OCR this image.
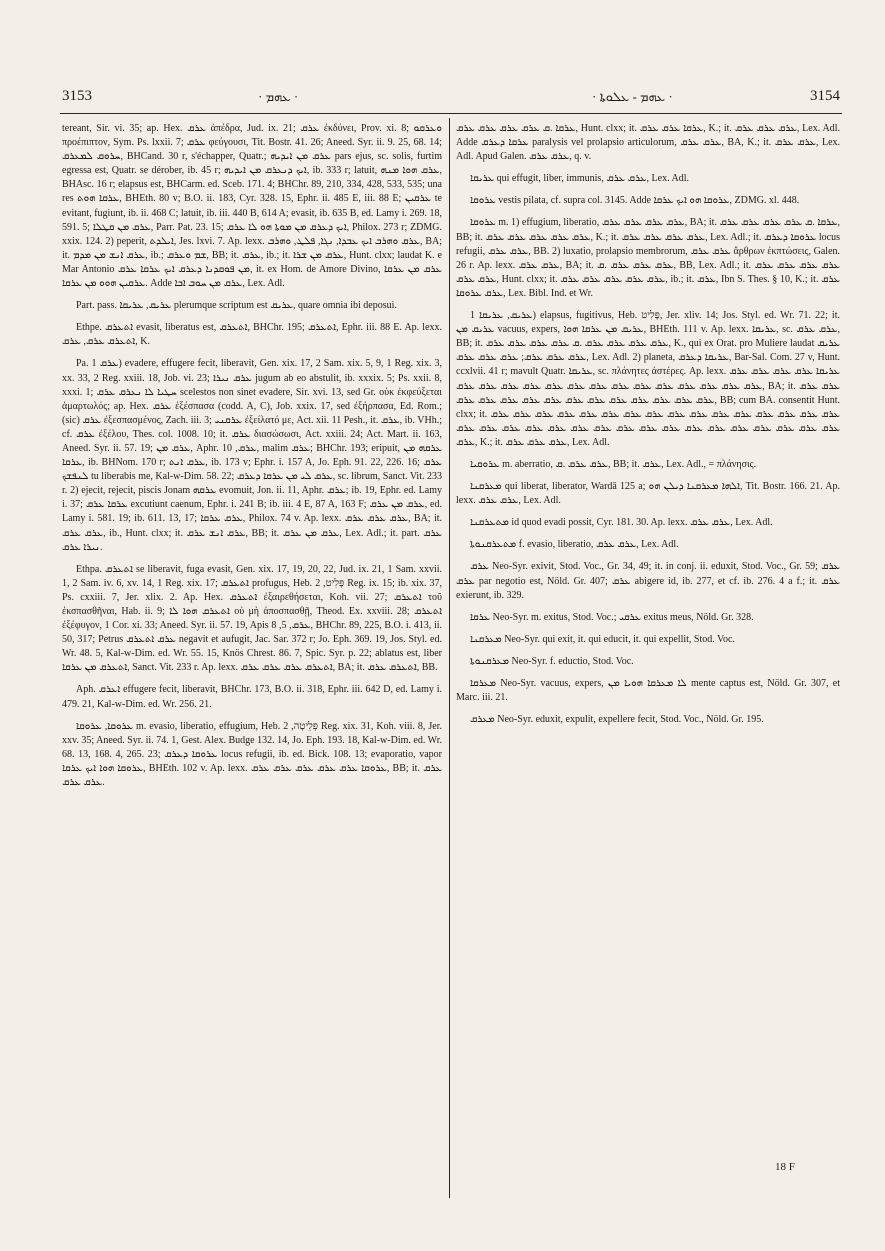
3153	· ܥܗܡ ·	· ܥܗܡ - ܥܠܘܬܐ ·	3154

tereant, Sir. vi. 35; ap. Hex. ܥܪܩ ἀπέδρα, Jud. ix. 21; ܥܪܩ ἐκδύνει, Prov. xi. 8; ܘܥܪܩܘ προέπιπτον, Sym. Ps. lxxii. 7; ܥܪܩ φεύγουσι, Tit. Bostr. 41. 26; Aneed. Syr. ii. 9. 25, 68. 14; ܚܪܘܩ ܠܡܥܪܩ, BHCand. 30 r, s'échapper, Quatr.; ܥܪܩ ܡܢ ܐܝܕܝܗ pars ejus, sc. solis, furtim egressa est, Quatr. se dérober, ib. 45 r; ܐܝܟ ܕܢܥܪܩ ܡܢ ܐܝܕܝܗ, ib. 333 r; latuit, ܥܪܩ ܗܘܐ ܡܢܗ, BHAsc. 16 r; elapsus est, BHCarm. ed. Sceb. 171. 4; BHChr. 89, 210, 334, 428, 533, 535; una res ܥܪܩܐ ܗܘܬ, BHEth. 80 v; B.O. ii. 183, Cyr. 328. 15, Ephr. ii. 485 E, iii. 88 E; ܥܪܩܝܢ te evitant, fugiunt, ib. ii. 468 C; latuit, ib. iii. 440 B, 614 A; evasit, ib. 635 B, ed. Lamy i. 269. 18, 591. 5; ܥܪܩ ܡܢ ܩܛܠܐ, Parr. Pat. 23. 15; ܐܝܟ ܕܥܪܩ ܡܢ ܡܘܬܐ ܗܘ ܠܐ ܥܪܩ, Philox. 273 r; ZDMG. xxix. 124. 2) peperit, ܐܝܠܕܬ, Jes. lxvi. 7. Ap. lexx. ܥܪܩ ܘܗܪܒ ܐܝܟ ܥܒܕܐ, ܢܓܐ, ܦܠܛ, ܘܗܪܒ, BA; it. ܥܪܩ ܐܢܫ ܡܢ ܡܕܡ, ib.; ܫܡ ܘܥܪܩ, BB; it. ܥܪܩ, ib.; it. ܥܪܩ ܡܢ ܫܪܐ, Hunt. clxx; laudat K. e Mar Antonio ܡܢ ܦܘܩܕܢܐ ܕܥܪܩ ܐܝܟ ܥܪܩܐ ܥܪܩ, it. ex Hom. de Amore Divino, ܥܪܩ ܡܢ ܥܪܩܐ ܥܪܩܝܢ ܗܘܘ ܡܢ ܥܪܩܐ. Adde ܥܪܩ ܡܢ ܚܘܒ ܐܒܐ, Lex. Adl.

Part. pass. ܥܪܝܩ, ܥܪܝܩܐ plerumque scriptum est ܥܪܝܩ, quare omnia ibi deposui.

Ethpe. ܐܬܥܪܩ evasit, liberatus est, ܐܬܥܪܩ, BHChr. 195; ܐܬܥܪܩ, Ephr. iii. 88 E. Ap. lexx. ܐܬܥܪܩ ܥܪܩ, ܥܪܩ, K.

Pa. ܥܪܩ 1) evadere, effugere fecit, liberavit, Gen. xix. 17, 2 Sam. xix. 5, 9, 1 Reg. xix. 3, xx. 33, 2 Reg. xxiii. 18, Job. vi. 23; ܥܪܩ ܢܝܪܐ jugum ab eo abstulit, ib. xxxix. 5; Ps. xxii. 8, xxxi. 1; ܚܛܝܐ ܠܐ ܢܥܪܩ ܥܪܩ scelestos non sinet evadere, Sir. xvi. 13, sed Gr. οὐκ ἐκφεύξεται ἁμαρτωλός; ap. Hex. ܥܪܩ ἐξέσπασα (codd. A, C), Job. xxix. 17, sed ἐξήρπασα, Ed. Rom.; (sic) ܥܪܩ ἐξεσπασμένος, Zach. iii. 3; ܥܪܩܢܝ ἐξείλατό με, Act. xii. 11 Pesh., it. ܥܪܩ, ib. VHh.; cf. ܥܪܩ ἐξέλου, Thes. col. 1008. 10; it. ܥܪܩ διασώσωσι, Act. xxiii. 24; Act. Mart. ii. 163, Aneed. Syr. ii. 57. 19; ܥܪܩ ܡܢ, Aphr. ܥܪܩ, 10, malim ܥܪܩ; BHChr. 193; eripuit, ܥܪܩܗ ܡܢ ܥܪܩܐ, ib. BHNom. 170 r; ܥܪܩ ܐܢܬ, ib. 173 v; Ephr. i. 157 A, Jo. Eph. 91. 22, 226. 16; ܥܪܩ ܠܢܦܫܟ tu liberabis me, Kal-w-Dim. 58. 22; ܥܪܩ ܠܝ ܡܢ ܥܪܩܐ ܕܥܪܩ, sc. librum, Sanct. Vit. 233 r. 2) ejecit, rejecit, piscis Jonam ܥܪܩܗ evomuit, Jon. ii. 11, Aphr. ܥܪܩ; ib. 19, Ephr. ed. Lamy i. 37; ܥܪܩܐ ܥܪܩ excutiunt caenum, Ephr. i. 241 B; ib. iii. 4 E, 87 A, 163 F; ܥܪܩ ܡܢ ܥܪܩ, ed. Lamy i. 581. 19; ib. 611. 13, 17; ܥܪܩ ܥܪܩܐ, Philox. 74 v. Ap. lexx. ܥܪܩ ܥܪܩ ܥܪܩ, BA; it. ܥܪܩ ܥܪܩ, ib., Hunt. clxx; it. ܥܪܩ ܐܢܫ ܥܪܩ, BB; it. ܥܪܩ ܡܢ ܥܪܩ, Lex. Adl.; it. part. ܥܪܩ ܢܝܪܐ ܥܪܩ.

Ethpa. ܐܬܥܪܩ se liberavit, fuga evasit, Gen. xix. 17, 19, 20, 22, Jud. ix. 21, 1 Sam. xxvii. 1, 2 Sam. iv. 6, xv. 14, 1 Reg. xix. 17; ܐܬܥܪܩ profugus, Heb. פָּלִיט, 2 Reg. ix. 15; ib. xix. 37, Ps. cxxiii. 7, Jer. xlix. 2. Ap. Hex. ܐܬܥܪܩ ἐξαιρεθήσεται, Koh. vii. 27; ܐܬܥܪܩ τοῦ ἐκσπασθῆναι, Hab. ii. 9; ܐܬܥܪܩ ܗܘܐ ܠܐ οὐ μὴ ἀποσπασθῇ, Theod. Ex. xxviii. 28; ܐܬܥܪܩ ἐξέφυγον, 1 Cor. xi. 33; Aneed. Syr. ii. 57. 19, Apis ܥܪܩ, 5, 8, BHChr. 89, 225, B.O. i. 413, ii. 50, 317; Petrus ܥܪܩ ܐܬܥܪܩ negavit et aufugit, Jac. Sar. 372 r; Jo. Eph. 369. 19, Jos. Styl. ed. Wr. 48. 5, Kal-w-Dim. ed. Wr. 55. 15, Knös Chrest. 86. 7, Spic. Syr. p. 22; ablatus est, liber ܐܬܥܪܩ ܡܢ ܥܪܩܐ, Sanct. Vit. 233 r. Ap. lexx. ܐܬܥܪܩ ܥܪܩ ܥܪܩ ܥܪܩ, BA; it. ܐܬܥܪܩ ܥܪܩ, BB.

Aph. ܐܥܪܩ effugere fecit, liberavit, BHChr. 173, B.O. ii. 318, Ephr. iii. 642 D, ed. Lamy i. 479. 21, Kal-w-Dim. ed. Wr. 256. 21.

ܥܪܘܩܐ, ܥܪܘܩܐ m. evasio, liberatio, effugium, Heb. פְּלֵיטָה, 2 Reg. xix. 31, Koh. viii. 8, Jer. xxv. 35; Aneed. Syr. ii. 74. 1, Gest. Alex. Budge 132. 14, Jo. Eph. 193. 18, Kal-w-Dim. ed. Wr. 68. 13, 168. 4, 265. 23; ܥܪܘܩܐ ܕܥܪܩ locus refugii, ib. ed. Bick. 108. 13; evaporatio, vapor ܥܪܘܩܐ ܗܘܐ ܐܝܟ ܥܪܩܐ, BHEth. 102 v. Ap. lexx. ܥܪܘܩܐ ܥܪܩ ܥܪܩ ܥܪܩ ܥܪܩ ܥܪܩ, BB; it. ܥܪܩ ܥܪܩ ܥܪܩ.

ܥܪܩܐ .ܩ ܥܪܩ ܥܪܩ ܥܪܩ ܥܪܩ, Hunt. clxx; it. ܥܪܩܐ ܥܪܩ ܥܪܩ, K.; it. ܥܪܩ ܥܪܩ ܥܪܩ, Lex. Adl. Adde ܥܪܩܐ ܕܥܪܩ paralysis vel prolapsio articulorum, ܥܪܩ ܥܪܩ, BA, K.; it. ܥܪܩ ܥܪܩ, Lex. Adl. Apud Galen. ܥܪܩ ܥܪܩ, q. v.

ܥܪܝܩܐ qui effugit, liber, immunis, ܥܪܩ ܥܪܩ, Lex. Adl.

ܥܪܘܩܐ vestis pilata, cf. supra col. 3145. Adde ܥܪܘܩܐ ܗܘ ܐܝܟ ܥܪܩܐ, ZDMG. xl. 448.

ܥܪܘܩܐ m. 1) effugium, liberatio, ܥܪܩ ܥܪܩ ܥܪܩ ܥܪܩ, BA; it. ܥܪܩܐ .ܩ ܥܪܩ ܥܪܩ ܥܪܩ ܥܪܩ, BB; it. ܥܪܩ ܥܪܩ ܥܪܩ ܥܪܩ ܥܪܩ, K.; it. ܥܪܩ ܥܪܩ ܥܪܩ ܥܪܩ, Lex. Adl.; it. ܥܪܘܩܐ ܕܥܪܩ locus refugii, ܥܪܩ ܥܪܩ, BB. 2) luxatio, prolapsio membrorum, ܥܪܩ ܥܪܩ ἄρθρων ἐκπτώσεις, Galen. 26 r. Ap. lexx. ܥܪܩ ܥܪܩ, BA; it. ܥܪܩ ܥܪܩ ܥܪܩ .ܩ, BB, Lex. Adl.; it. ܥܪܩ ܥܪܩ ܥܪܩ ܥܪܩ ܥܪܩ ܥܪܩ, Hunt. clxx; it. ܥܪܩ ܥܪܩ ܥܪܩ ܥܪܩ ܥܪܩ, ib.; it. ܥܪܩ, Ibn S. Thes. § 10, K.; it. ܥܪܩ ܥܪܩ ܥܪܘܩܐ, Lex. Bibl. Ind. et Wr.

ܥܪܝܩ, ܥܪܝܩܐ 1) elapsus, fugitivus, Heb. פָּלִיט, Jer. xliv. 14; Jos. Styl. ed. Wr. 71. 22; it. ܥܪܝܩ ܡܢ vacuus, expers, ܥܪܝܩ ܡܢ ܥܪܩܐ ܗܘܐ, BHEth. 111 v. Ap. lexx. ܥܪܝܩܐ, sc. ܥܪܩ ܥܪܩ, BB; it. ܥܪܩ ܥܪܩ ܥܪܩ ܥܪܩ .ܩ ܥܪܩ ܥܪܩ ܥܪܩ ܥܪܩ, K., qui ex Orat. pro Muliere laudat ܥܪܝܩ ܥܪܩ ܥܪܩ ܥܪܩ; ܥܪܩ ܥܪܩ ܥܪܩ, Lex. Adl. 2) planeta, ܥܪܝܩܐ ܕܥܪܩ, Bar-Sal. Com. 27 v, Hunt. ccxlvii. 41 r; mavult Quatr. ܥܪܝܩܐ, sc. πλάνητες ἀστέρες. Ap. lexx. ܥܪܝܩܐ ܥܪܩ ܥܪܩ ܥܪܩ ܥܪܩ ܥܪܩ ܥܪܩ ܥܪܩ ܥܪܩ ܥܪܩ ܥܪܩ ܥܪܩ ܥܪܩ ܥܪܩ ܥܪܩ ܥܪܩ ܥܪܩ ܥܪܩ ܥܪܩ, BA; it. ܥܪܩ ܥܪܩ ܥܪܩ ܥܪܩ ܥܪܩ ܥܪܩ ܥܪܩ ܥܪܩ ܥܪܩ ܥܪܩ ܥܪܩ ܥܪܩ ܥܪܩ ܥܪܩ, BB; cum BA. consentit Hunt. clxx; it. ܥܪܩ ܥܪܩ ܥܪܩ ܥܪܩ ܥܪܩ ܥܪܩ ܥܪܩ ܥܪܩ ܥܪܩ ܥܪܩ ܥܪܩ ܥܪܩ ܥܪܩ ܥܪܩ ܥܪܩ ܥܪܩ ܥܪܩ ܥܪܩ ܥܪܩ ܥܪܩ ܥܪܩ ܥܪܩ ܥܪܩ ܥܪܩ ܥܪܩ ܥܪܩ ܥܪܩ ܥܪܩ ܥܪܩ ܥܪܩ ܥܪܩ ܥܪܩ ܥܪܩ ܥܪܩ, K.; it. ܥܪܩ ܥܪܩ ܥܪܩ, Lex. Adl.

ܥܪܘܩܝܐ m. aberratio, ܥܪܩ ܥܪܩ .ܩ, BB; it. ܥܪܩ, Lex. Adl., = πλάνησις.

ܡܥܪܩܢܐ qui liberat, liberator, Wardā 125 a; ܐܠܗܐ ܡܥܪܩܢܐ ܕܝܠܢ ܗܘ, Tit. Bostr. 166. 21. Ap. lexx. ܥܪܩ ܥܪܩ, Lex. Adl.

ܡܬܥܪܩܢܐ id quod evadi possit, Cyr. 181. 30. Ap. lexx. ܥܪܩ ܥܪܩ, Lex. Adl.

ܡܬܥܪܩܢܘܬܐ f. evasio, liberatio, ܥܪܩ ܥܪܩ, Lex. Adl.

ܥܪܩ Neo-Syr. exivit, Stod. Voc., Gr. 34, 49; it. in conj. ii. eduxit, Stod. Voc., Gr. 59; ܥܪܩ ܥܪܩ par negotio est, Nöld. Gr. 407; ܥܪܩ abigere id, ib. 277, et cf. ib. 276. 4 a f.; it. ܥܪܩ exierunt, ib. 329.

ܥܪܩܐ Neo-Syr. m. exitus, Stod. Voc.; ܥܪܩܝ exitus meus, Nöld. Gr. 328.

ܡܥܪܩܢܐ Neo-Syr. qui exit, it. qui educit, it. qui expellit, Stod. Voc.

ܡܥܪܩܢܘܬܐ Neo-Syr. f. eductio, Stod. Voc.

ܡܥܪܩܐ Neo-Syr. vacuus, expers, ܠܐ ܡܥܪܩܐ ܗܘܝܐ ܡܢ mente captus est, Nöld. Gr. 307, et Marc. iii. 21.

ܡܥܪܩ Neo-Syr. eduxit, expulit, expellere fecit, Stod. Voc., Nöld. Gr. 195.

18 F
